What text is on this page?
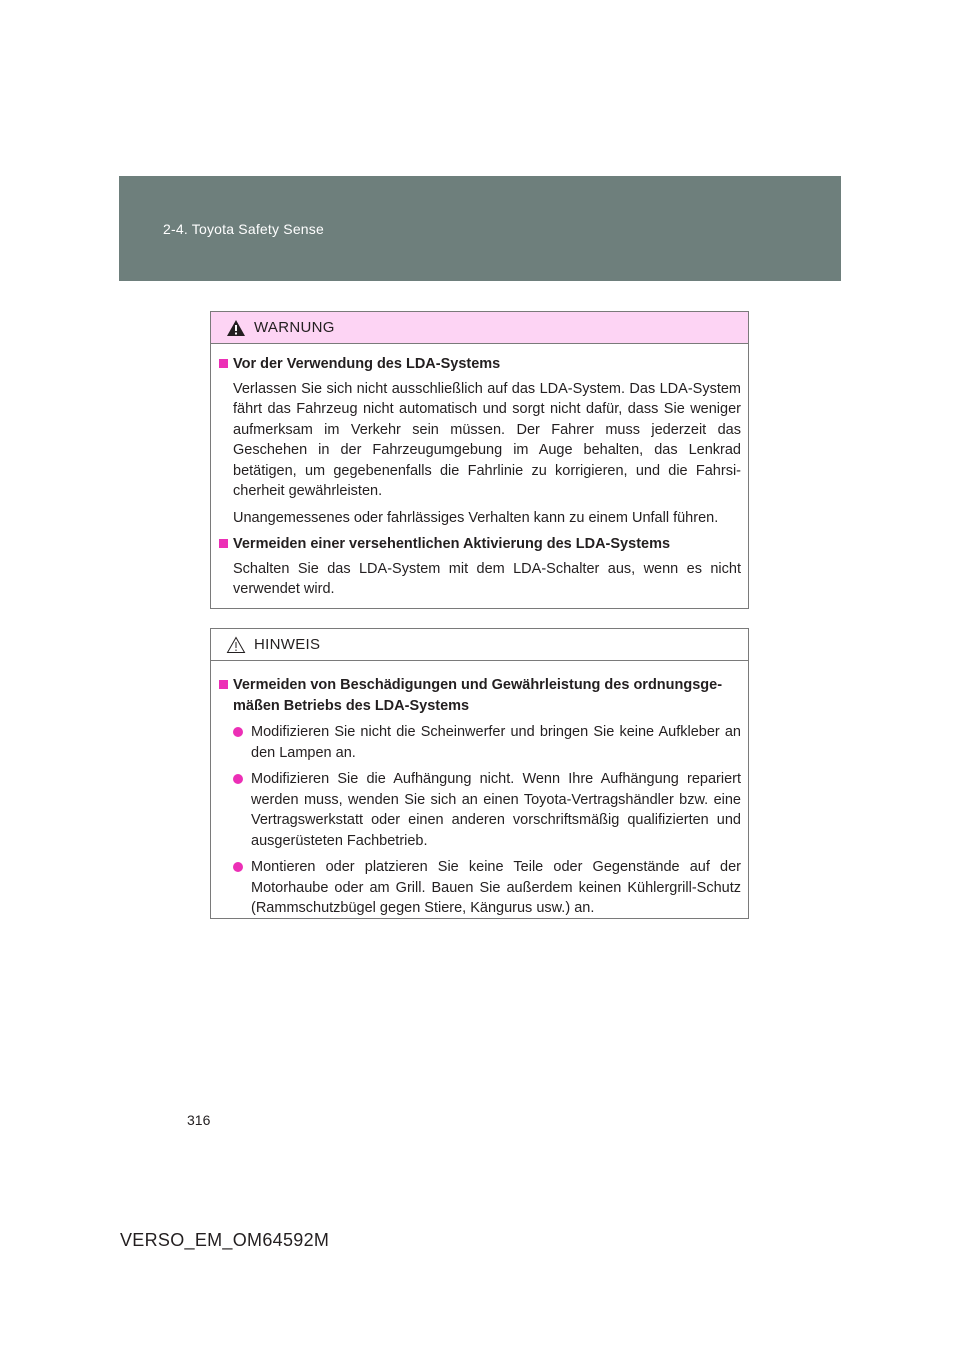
2-4. Toyota Safety Sense
WARNUNG
Vor der Verwendung des LDA-Systems
Verlassen Sie sich nicht ausschließlich auf das LDA-System. Das LDA-System fährt das Fahrzeug nicht automatisch und sorgt nicht dafür, dass Sie weniger aufmerksam im Verkehr sein müssen. Der Fahrer muss jederzeit das Geschehen in der Fahrzeugumgebung im Auge behalten, das Lenkrad betätigen, um gegebenenfalls die Fahrlinie zu korrigieren, und die Fahrsi-cherheit gewährleisten.
Unangemessenes oder fahrlässiges Verhalten kann zu einem Unfall führen.
Vermeiden einer versehentlichen Aktivierung des LDA-Systems
Schalten Sie das LDA-System mit dem LDA-Schalter aus, wenn es nicht verwendet wird.
HINWEIS
Vermeiden von Beschädigungen und Gewährleistung des ordnungsge-mäßen Betriebs des LDA-Systems
Modifizieren Sie nicht die Scheinwerfer und bringen Sie keine Aufkleber an den Lampen an.
Modifizieren Sie die Aufhängung nicht. Wenn Ihre Aufhängung repariert werden muss, wenden Sie sich an einen Toyota-Vertragshändler bzw. eine Vertragswerkstatt oder einen anderen vorschriftsmäßig qualifizierten und ausgerüsteten Fachbetrieb.
Montieren oder platzieren Sie keine Teile oder Gegenstände auf der Motorhaube oder am Grill. Bauen Sie außerdem keinen Kühlergrill-Schutz (Rammschutzbügel gegen Stiere, Kängurus usw.) an.
316
VERSO_EM_OM64592M
